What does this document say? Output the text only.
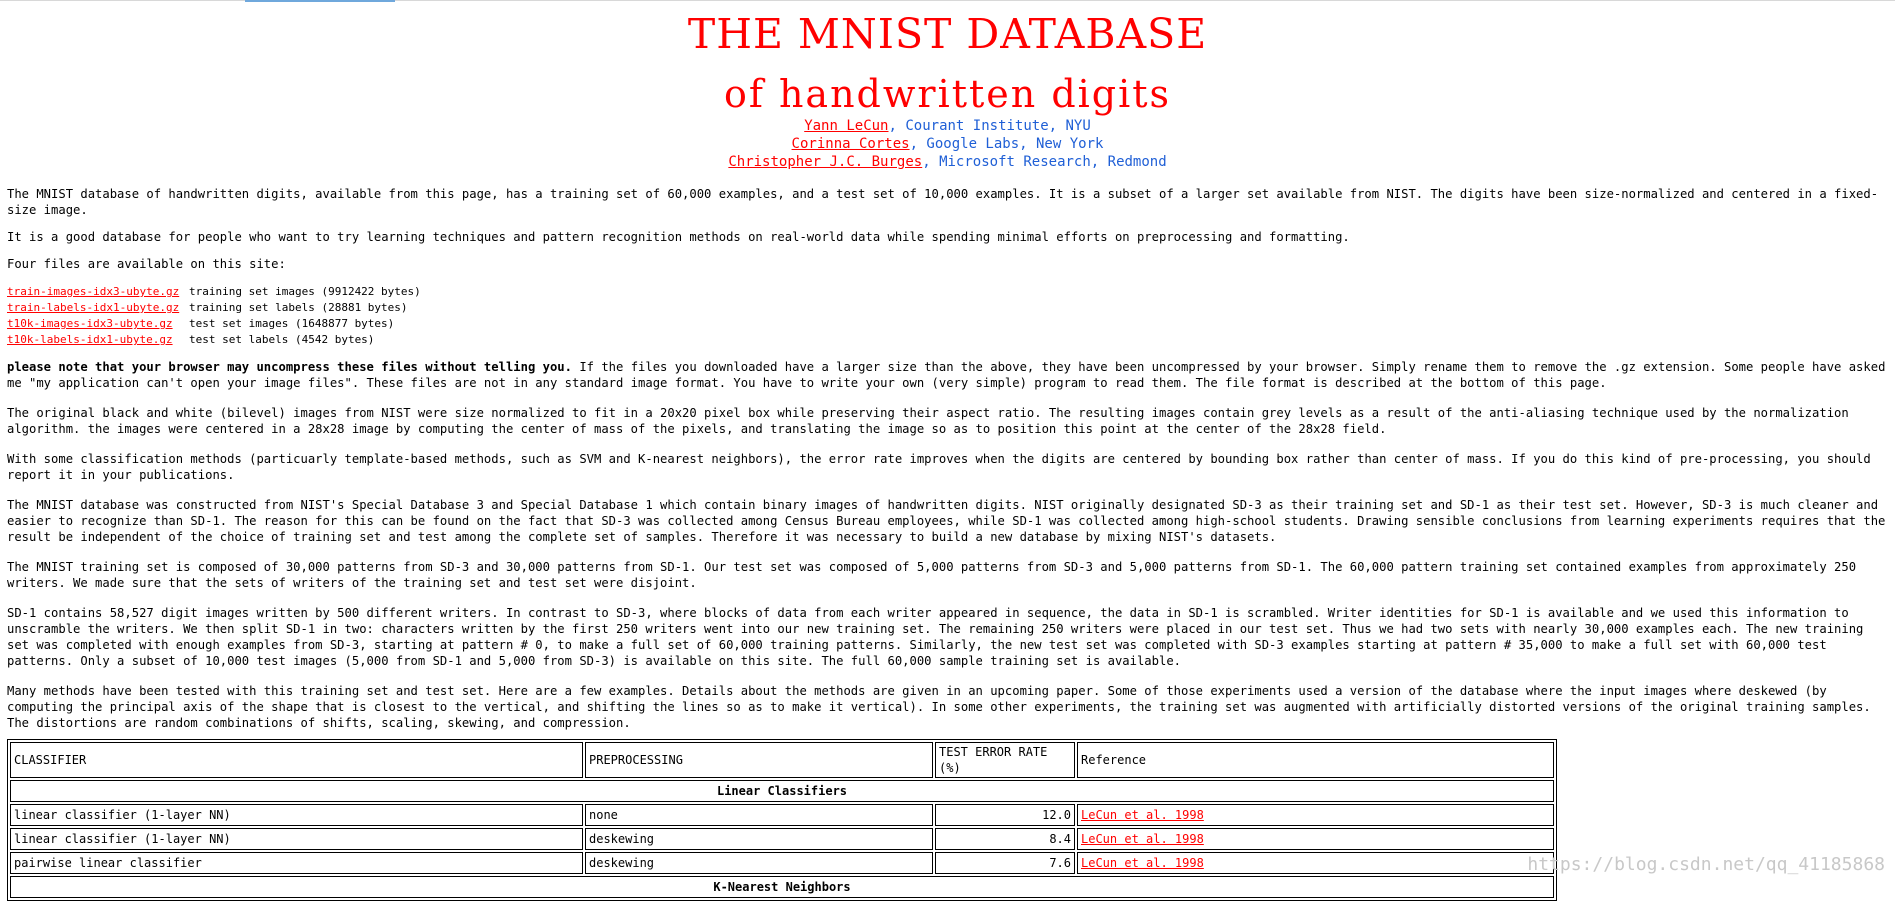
THE MNIST DATABASE
of handwritten digits
Yann LeCun, Courant Institute, NYU
Corinna Cortes, Google Labs, New York
Christopher J.C. Burges, Microsoft Research, Redmond

The MNIST database of handwritten digits, available from this page, has a training set of 60,000 examples, and a test set of 10,000 examples. It is a subset of a larger set available from NIST. The digits have been size-normalized and centered in a fixed-size image.

It is a good database for people who want to try learning techniques and pattern recognition methods on real-world data while spending minimal efforts on preprocessing and formatting.

Four files are available on this site:

train-images-idx3-ubyte.gz training set images (9912422 bytes)
train-labels-idx1-ubyte.gz training set labels (28881 bytes)
t10k-images-idx3-ubyte.gz	test set images (1648877 bytes)
t10k-labels-idx1-ubyte.gz	test set labels (4542 bytes)

please note that your browser may uncompress these files without telling you. If the files you downloaded have a larger size than the above, they have been uncompressed by your browser. Simply rename them to remove the .gz extension. Some people have asked me "my application can't open your image files". These files are not in any standard image format. You have to write your own (very simple) program to read them. The file format is described at the bottom of this page.

The original black and white (bilevel) images from NIST were size normalized to fit in a 20x20 pixel box while preserving their aspect ratio. The resulting images contain grey levels as a result of the anti-aliasing technique used by the normalization algorithm. the images were centered in a 28x28 image by computing the center of mass of the pixels, and translating the image so as to position this point at the center of the 28x28 field.

With some classification methods (particuarly template-based methods, such as SVM and K-nearest neighbors), the error rate improves when the digits are centered by bounding box rather than center of mass. If you do this kind of pre-processing, you should report it in your publications.

The MNIST database was constructed from NIST's Special Database 3 and Special Database 1 which contain binary images of handwritten digits. NIST originally designated SD-3 as their training set and SD-1 as their test set. However, SD-3 is much cleaner and easier to recognize than SD-1. The reason for this can be found on the fact that SD-3 was collected among Census Bureau employees, while SD-1 was collected among high-school students. Drawing sensible conclusions from learning experiments requires that the result be independent of the choice of training set and test among the complete set of samples. Therefore it was necessary to build a new database by mixing NIST's datasets.

The MNIST training set is composed of 30,000 patterns from SD-3 and 30,000 patterns from SD-1. Our test set was composed of 5,000 patterns from SD-3 and 5,000 patterns from SD-1. The 60,000 pattern training set contained examples from approximately 250 writers. We made sure that the sets of writers of the training set and test set were disjoint.

SD-1 contains 58,527 digit images written by 500 different writers. In contrast to SD-3, where blocks of data from each writer appeared in sequence, the data in SD-1 is scrambled. Writer identities for SD-1 is available and we used this information to unscramble the writers. We then split SD-1 in two: characters written by the first 250 writers went into our new training set. The remaining 250 writers were placed in our test set. Thus we had two sets with nearly 30,000 examples each. The new training set was completed with enough examples from SD-3, starting at pattern # 0, to make a full set of 60,000 training patterns. Similarly, the new test set was completed with SD-3 examples starting at pattern # 35,000 to make a full set with 60,000 test patterns. Only a subset of 10,000 test images (5,000 from SD-1 and 5,000 from SD-3) is available on this site. The full 60,000 sample training set is available.

Many methods have been tested with this training set and test set. Here are a few examples. Details about the methods are given in an upcoming paper. Some of those experiments used a version of the database where the input images where deskewed (by computing the principal axis of the shape that is closest to the vertical, and shifting the lines so as to make it vertical). In some other experiments, the training set was augmented with artificially distorted versions of the original training samples. The distortions are random combinations of shifts, scaling, skewing, and compression.

CLASSIFIER	PREPROCESSING	TEST ERROR RATE (%)	Reference
Linear Classifiers			
linear classifier (1-layer NN)	none	12.0	LeCun et al. 1998
linear classifier (1-layer NN)	deskewing	8.4	LeCun et al. 1998
pairwise linear classifier	deskewing	7.6	LeCun et al. 1998
K-Nearest Neighbors			
https://blog.csdn.net/qq_41185868
